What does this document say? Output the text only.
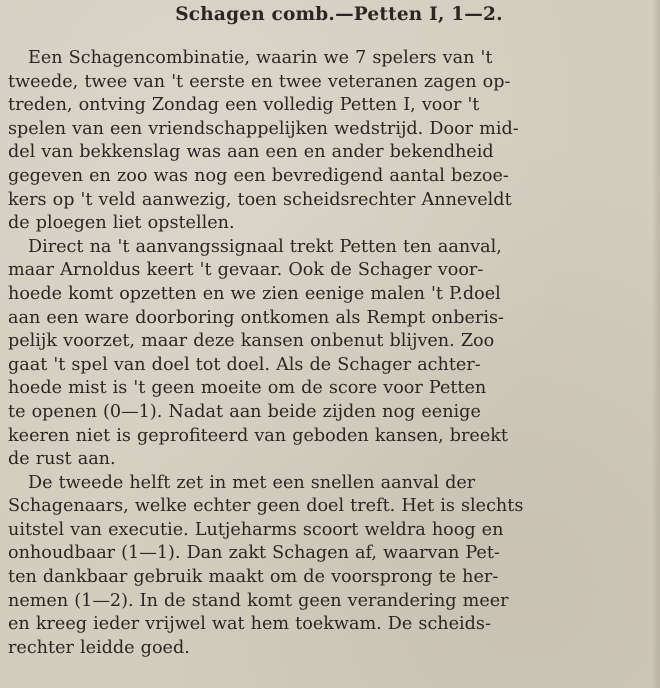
Schagen comb.—Petten I, 1—2.
Een Schagencombinatie, waarin we 7 spelers van 't
tweede, twee van 't eerste en twee veteranen zagen op-
treden, ontving Zondag een volledig Petten I, voor 't
spelen van een vriendschappelijken wedstrijd. Door mid-
del van bekkenslag was aan een en ander bekendheid
gegeven en zoo was nog een bevredigend aantal bezoe-
kers op 't veld aanwezig, toen scheidsrechter Anneveldt
de ploegen liet opstellen.
Direct na 't aanvangssignaal trekt Petten ten aanval,
maar Arnoldus keert 't gevaar. Ook de Schager voor-
hoede komt opzetten en we zien eenige malen 't P.doel
aan een ware doorboring ontkomen als Rempt onberis-
pelijk voorzet, maar deze kansen onbenut blijven. Zoo
gaat 't spel van doel tot doel. Als de Schager achter-
hoede mist is 't geen moeite om de score voor Petten
te openen (0—1). Nadat aan beide zijden nog eenige
keeren niet is geprofiteerd van geboden kansen, breekt
de rust aan.
De tweede helft zet in met een snellen aanval der
Schagenaars, welke echter geen doel treft. Het is slechts
uitstel van executie. Lutjeharms scoort weldra hoog en
onhoudbaar (1—1). Dan zakt Schagen af, waarvan Pet-
ten dankbaar gebruik maakt om de voorsprong te her-
nemen (1—2). In de stand komt geen verandering meer
en kreeg ieder vrijwel wat hem toekwam. De scheids-
rechter leidde goed.
